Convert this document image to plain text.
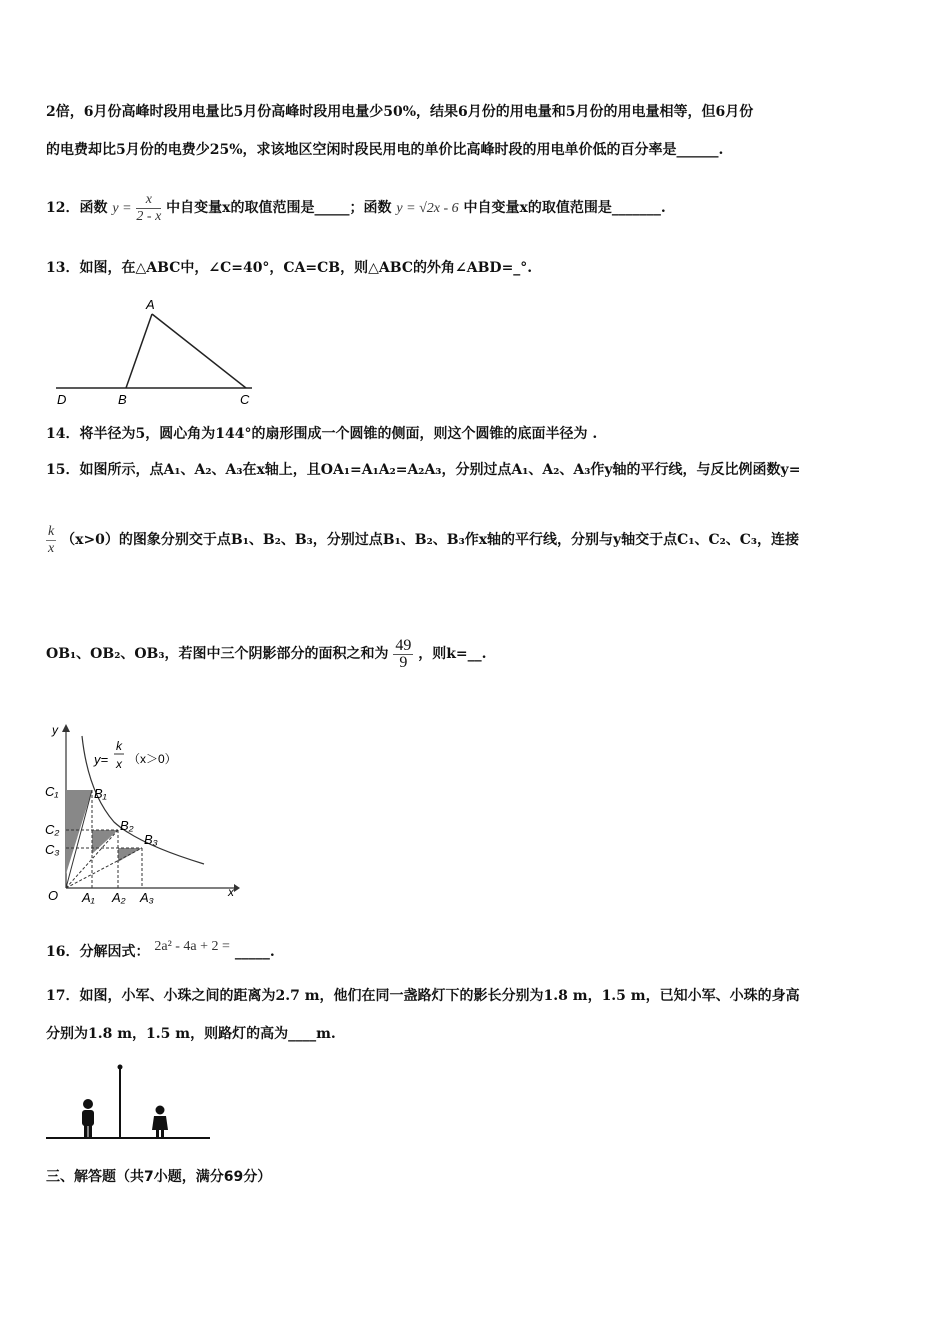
2倍，6月份高峰时段用电量比5月份高峰时段用电量少50%，结果6月份的用电量和5月份的用电量相等，但6月份
的电费却比5月份的电费少25%，求该地区空闲时段民用电的单价比高峰时段的用电单价低的百分率是______.
12．函数 $y = \frac{x}{2 - x}$ 中自变量x的取值范围是_____；函数 y = √2x - 6 中自变量x的取值范围是_______.
13．如图，在△ABC中，∠C=40°，CA=CB，则△ABC的外角∠ABD=_°.
A
D	B	C
14．将半径为5，圆心角为144°的扇形围成一个圆锥的侧面，则这个圆锥的底面半径为 .
15．如图所示，点A₁、A₂、A₃在x轴上，且OA₁=A₁A₂=A₂A₃，分别过点A₁、A₂、A₃作y轴的平行线，与反比例函数y=
$\frac{k}{x} (x>0)$的图象分别交于点B₁、B₂、B₃，分别过点B₁、B₂、B₃作x轴的平行线，分别与y轴交于点C₁、C₂、C₃，连接
OB₁、OB₂、OB₃，若图中三个阴影部分的面积之和为 $\frac{49}{9}$ ，则k=__.
y=
k
x （x＞0）
y
x
O
C₁
C₂
C₃
B₁
B₂
B₃
A₁ A₂ A₃
16．分解因式： 2a² - 4a + 2 = _____.
17．如图，小军、小珠之间的距离为2.7 m，他们在同一盏路灯下的影长分别为1.8 m，1.5 m，已知小军、小珠的身高
分别为1.8 m，1.5 m，则路灯的高为____m.
三、解答题（共7小题，满分69分）
